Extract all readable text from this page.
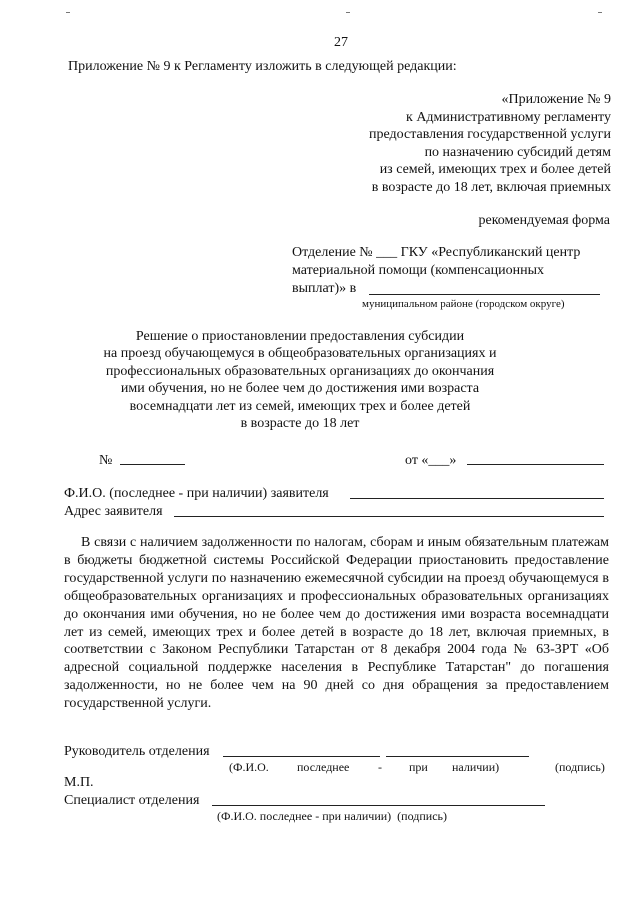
27
Приложение № 9 к Регламенту изложить в следующей редакции:
«Приложение № 9
к Административному регламенту
предоставления государственной услуги
по назначению субсидий детям
из семей, имеющих трех и более детей
в возрасте до 18 лет, включая приемных
рекомендуемая форма
Отделение № ___ ГКУ «Республиканский центр
материальной помощи (компенсационных
выплат)» в
муниципальном районе (городском округе)
Решение о приостановлении предоставления субсидии
на проезд обучающемуся в общеобразовательных организациях и
профессиональных образовательных организациях до окончания
ими обучения, но не более чем до достижения ими возраста
восемнадцати лет из семей, имеющих трех и более детей
в возрасте до 18 лет
№	от «___»
Ф.И.О. (последнее - при наличии) заявителя
Адрес заявителя

В связи с наличием задолженности по налогам, сборам и иным обязательным платежам в бюджеты бюджетной системы Российской Федерации приостановить предоставление государственной услуги по назначению ежемесячной субсидии на проезд обучающемуся в общеобразовательных организациях и профессиональных образовательных организациях до окончания ими обучения, но не более чем до достижения ими возраста восемнадцати лет из семей, имеющих трех и более детей в возрасте до 18 лет, включая приемных, в соответствии с Законом Республики Татарстан от 8 декабря 2004 года № 63-ЗРТ «Об адресной социальной поддержке населения в Республике Татарстан" до погашения задолженности, но не более чем на 90 дней со дня обращения за предоставлением государственной услуги.

Руководитель отделения
(Ф.И.О. последнее - при наличии)	(подпись)
М.П.
Специалист отделения
(Ф.И.О. последнее - при наличии)  (подпись)
